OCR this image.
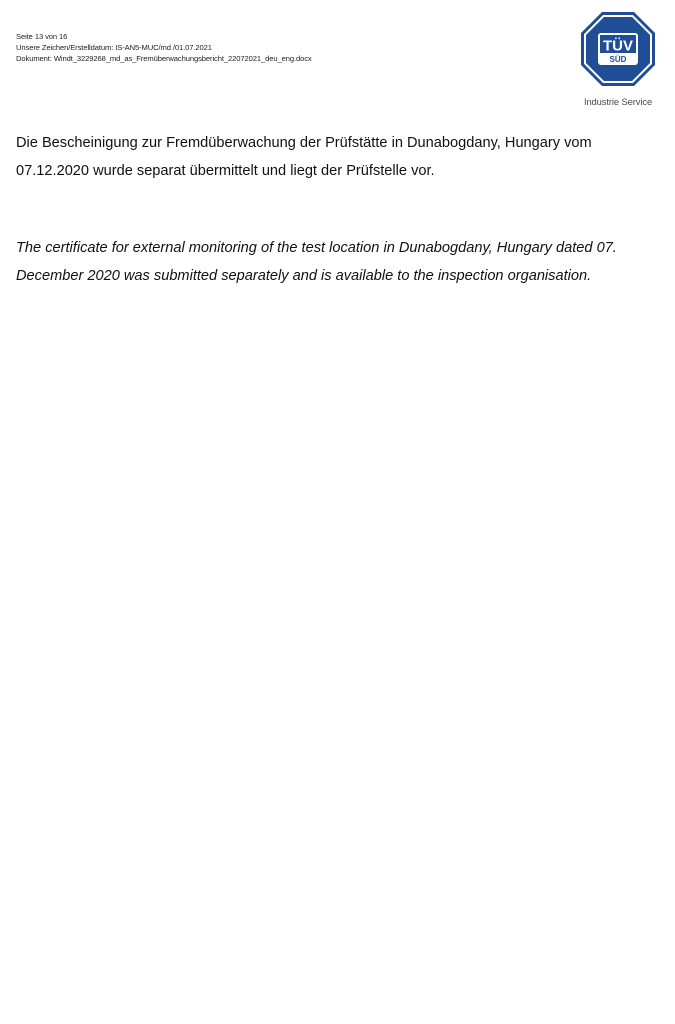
Seite 13 von 16
Unsere Zeichen/Erstelldatum: IS-AN5-MUC/md /01.07.2021
Dokument: Windt_3229268_md_as_Fremüberwachungsbericht_22072021_deu_eng.docx
TÜV
SÜD
Industrie Service
Die Bescheinigung zur Fremdüberwachung der Prüfstätte in Dunabogdany, Hungary vom 07.12.2020 wurde separat übermittelt und liegt der Prüfstelle vor.
The certificate for external monitoring of the test location in Dunabogdany, Hungary dated 07. December 2020 was submitted separately and is available to the inspection organisation.
